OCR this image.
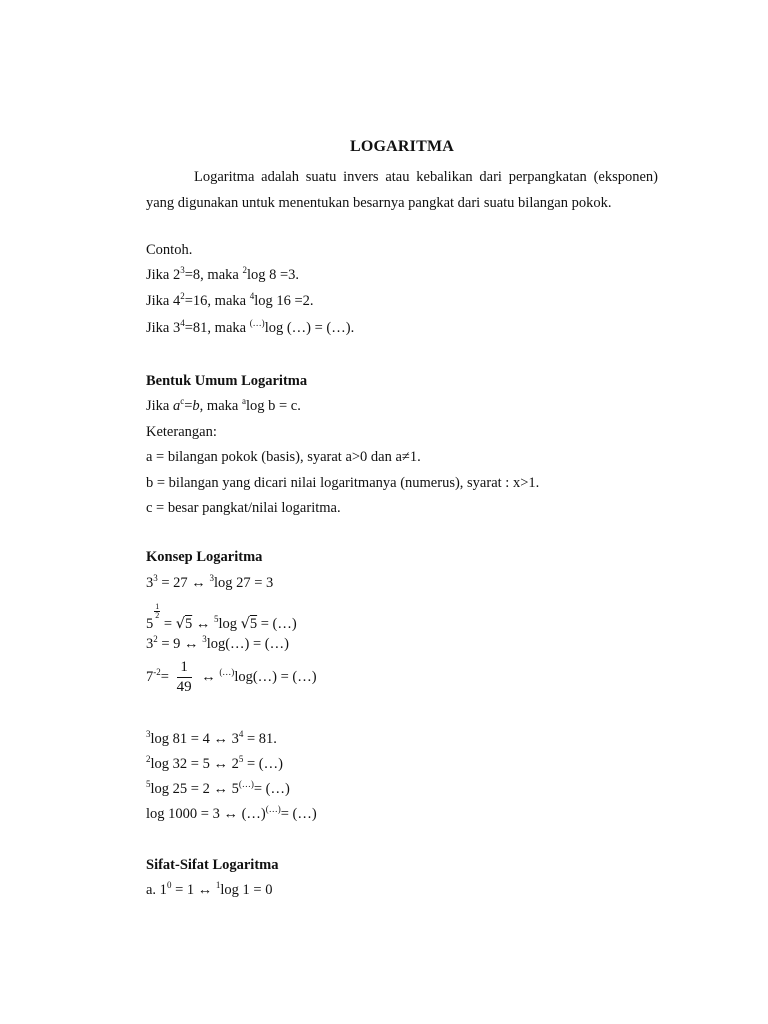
LOGARITMA

Logaritma adalah suatu invers atau kebalikan dari perpangkatan (eksponen) yang digunakan untuk menentukan besarnya pangkat dari suatu bilangan pokok.

Contoh.
Jika $2^3=8$, maka $^2$log 8 =3.
Jika $4^2=16$, maka $^4$log 16 =2.
Jika $3^4=81$, maka (…)log (…) = (…).
Bentuk Umum Logaritma
Jika $a^c=b$, maka $^a$log b = c.
Keterangan:
a = bilangan pokok (basis), syarat a>0 dan a≠1.
b = bilangan yang dicari nilai logaritmanya (numerus), syarat : x>1.
c = besar pangkat/nilai logaritma.
Konsep Logaritma
$3^3 = 27$ ↔ $^3$log 27 = 3
5
$\frac{1}{2}$
= √5 ↔ $^5$log √5 = (…)
$3^2 = 9$ ↔ $^3$log(…) = (…)
$7^{-2}= \frac{1}{49}$ ↔ (…)log(…) = (…)
$^3$log 81 = 4 ↔ $3^4 = 81$.
$^2$log 32 = 5 ↔ $2^5$ = (…)
$^5$log 25 = 2 ↔ 5(…)= (…)
log 1000 = 3 ↔ (…)(…)= (…)
Sifat-Sifat Logaritma
a. $1^0 = 1$ ↔ $^1$log 1 = 0
